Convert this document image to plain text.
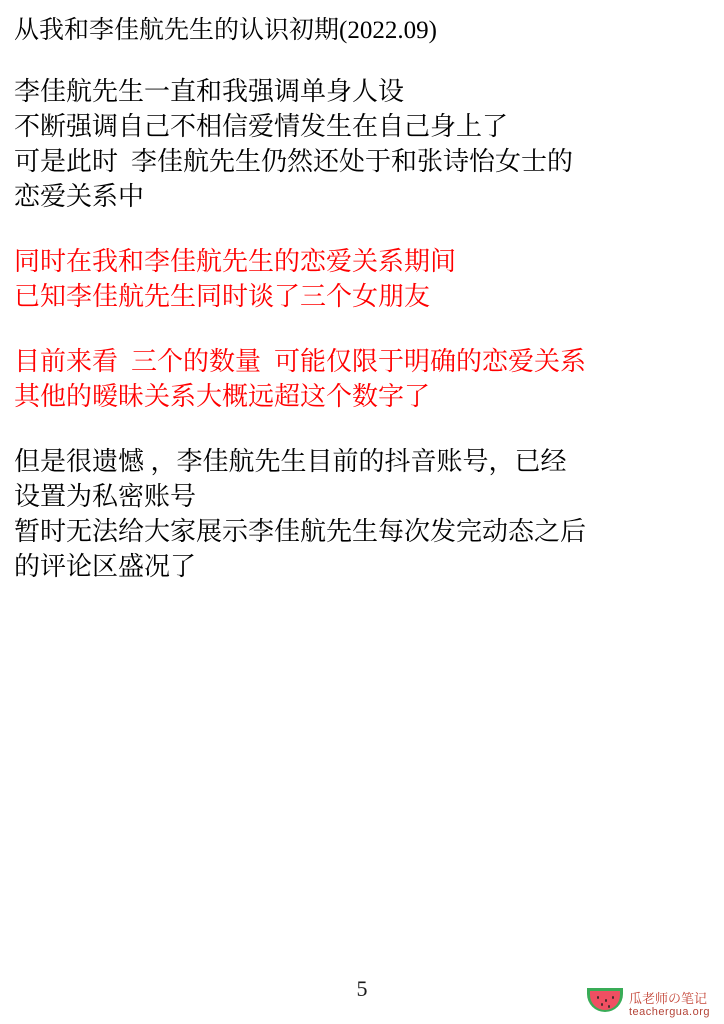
从我和李佳航先生的认识初期(2022.09)
李佳航先生一直和我强调单身人设
不断强调自己不相信爱情发生在自己身上了
可是此时  李佳航先生仍然还处于和张诗怡女士的
恋爱关系中
同时在我和李佳航先生的恋爱关系期间
已知李佳航先生同时谈了三个女朋友
目前来看  三个的数量  可能仅限于明确的恋爱关系
其他的暧昧关系大概远超这个数字了
但是很遗憾 ，李佳航先生目前的抖音账号，已经
设置为私密账号
暂时无法给大家展示李佳航先生每次发完动态之后
的评论区盛况了
5	瓜老师の笔记
teachergua.org
